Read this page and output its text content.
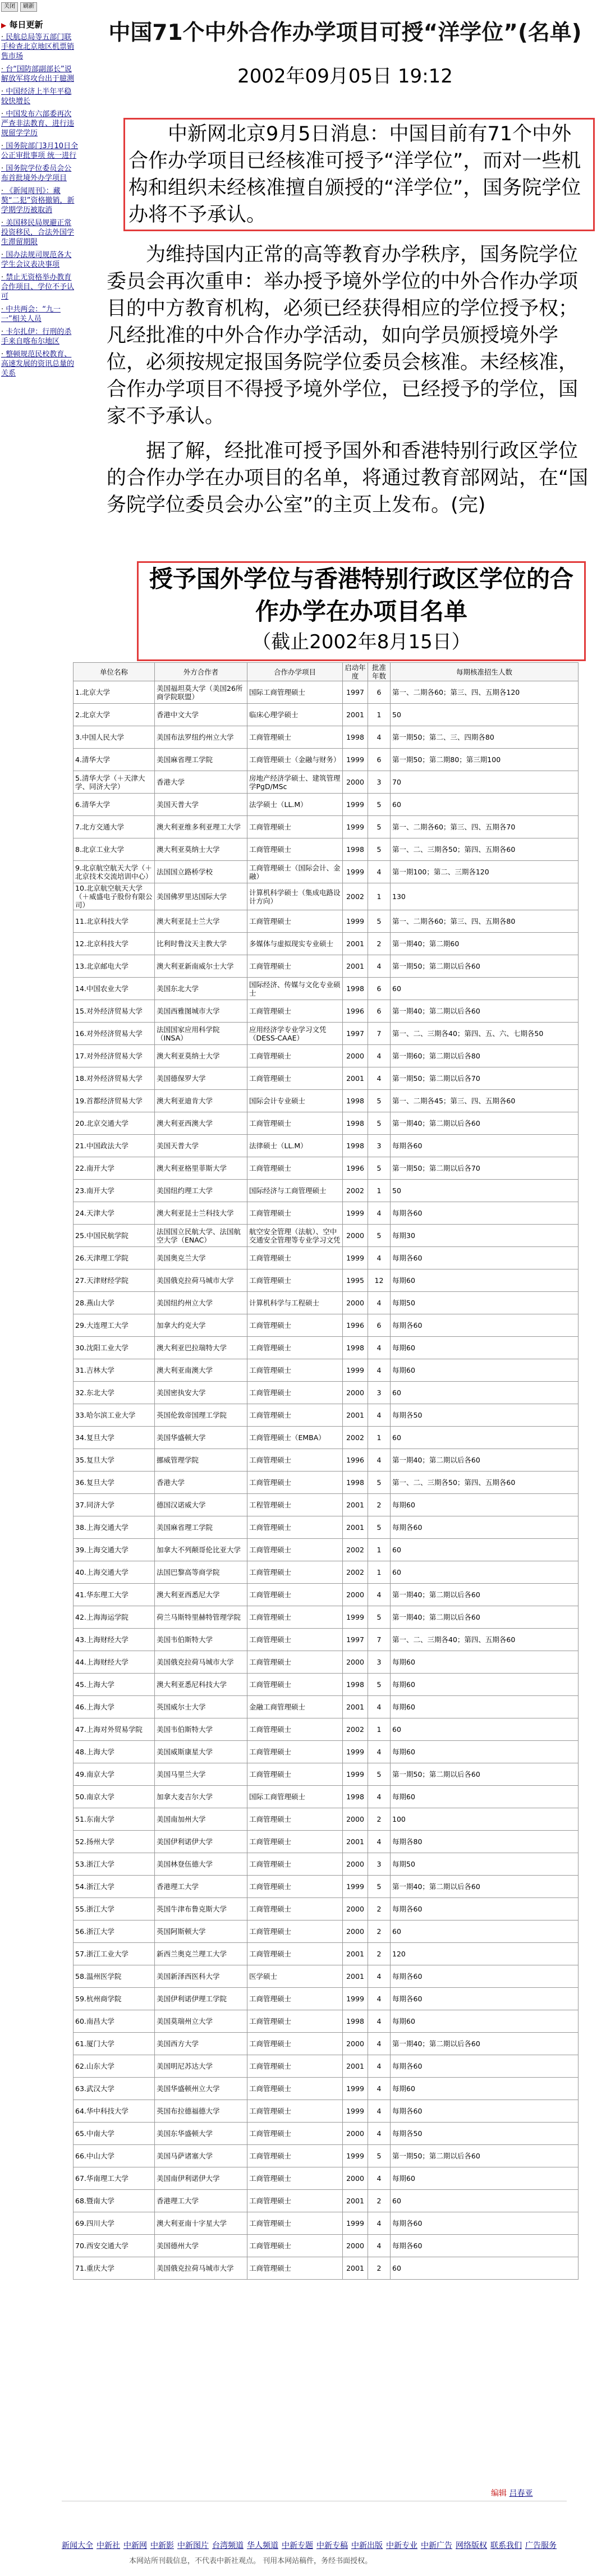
关闭	刷新
▶ 每日更新
· 民航总局等五部门联手检查北京地区机票销售市场
· 台“国防部副部长”说解放军将攻台出于臆测
· 中国经济上半年平稳较快增长
· 中国发布六部委再次严查非法教育、进行违规留学学历
· 国务院部门3月10日全公正审批事项 统一进行
· 国务院学位委员会公布首批境外办学项目
· 《新闻周刊》：藏獒“二犯”资格撤销，新学期学历被取消
· 美国移民局规避正常投资移民，合法外国学生滞留期限
· 国办法规司规范各大学生会议表决事项
· 禁止无资格举办教育合作项目、学位不予认可
· 中共两会：“九一一”相关人员
· 卡尔扎伊：行刑的杀手来自喀布尔地区
· 整顿规范民校教育、高速发展的资讯总量的关系
中国71个中外合作办学项目可授“洋学位”(名单)
2002年09月05日 19:12
中新网北京9月5日消息：中国目前有71个中外合作办学项目已经核准可授予“洋学位”，而对一些机构和组织未经核准擅自颁授的“洋学位”，国务院学位办将不予承认。
为维持国内正常的高等教育办学秩序，国务院学位委员会再次重申：举办授予境外学位的中外合作办学项目的中方教育机构，必须已经获得相应的学位授予权；凡经批准的中外合作办学活动，如向学员颁授境外学位，必须按规定报国务院学位委员会核准。未经核准，合作办学项目不得授予境外学位，已经授予的学位，国家不予承认。
据了解，经批准可授予国外和香港特别行政区学位的合作办学在办项目的名单，将通过教育部网站，在“国务院学位委员会办公室”的主页上发布。(完)
授予国外学位与香港特别行政区学位的合作办学在办项目名单
（截止2002年8月15日）
单位名称	外方合作者	合作办学项目	启动年度	批准年数	每期核准招生人数
1.北京大学	美国福坦莫大学（美国26所商学院联盟）	国际工商管理硕士	1997	6	第一、二期各60；第三、四、五期各120
2.北京大学	香港中文大学	临床心理学硕士	2001	1	50
3.中国人民大学	美国布法罗纽约州立大学	工商管理硕士	1998	4	第一期50；第二、三、四期各80
4.清华大学	美国麻省理工学院	工商管理硕士（金融与财务）	1999	6	第一期50；第二期80；第三期100
5.清华大学（＋天津大学、同济大学）	香港大学	房地产经济学硕士、建筑管理学PgD/MSc	2000	3	70
6.清华大学	美国天普大学	法学硕士（LL.M）	1999	5	60
7.北方交通大学	澳大利亚维多利亚理工大学	工商管理硕士	1999	5	第一、二期各60；第三、四、五期各70
8.北京工业大学	澳大利亚莫纳士大学	工商管理硕士	1998	5	第一、二、三期各50；第四、五期各60
9.北京航空航天大学（＋北京技术交流培训中心）	法国国立路桥学校	工商管理硕士（国际会计、金融）	1999	4	第一期100；第二、三期各120
10.北京航空航天大学（＋威盛电子股份有限公司）	美国佛罗里达国际大学	计算机科学硕士（集成电路设计方向）	2002	1	130
11.北京科技大学	澳大利亚昆士兰大学	工商管理硕士	1999	5	第一、二期各60；第三、四、五期各80
12.北京科技大学	比利时鲁汶天主教大学	多媒体与虚拟现实专业硕士	2001	2	第一期40；第二期60
13.北京邮电大学	澳大利亚新南威尔士大学	工商管理硕士	2001	4	第一期50；第二期以后各60
14.中国农业大学	美国东北大学	国际经济、传媒与文化专业硕士	1998	6	60
15.对外经济贸易大学	美国西雅图城市大学	工商管理硕士	1996	6	第一期40；第二期以后各60
16.对外经济贸易大学	法国国家应用科学院（INSA）	应用经济学专业学习文凭（DESS-CAAE）	1997	7	第一、二、三期各40；第四、五、六、七期各50
17.对外经济贸易大学	澳大利亚莫纳士大学	工商管理硕士	2000	4	第一期60；第二期以后各80
18.对外经济贸易大学	美国德保罗大学	工商管理硕士	2001	4	第一期50；第二期以后各70
19.首都经济贸易大学	澳大利亚迪肯大学	国际会计专业硕士	1998	5	第一、二期各45；第三、四、五期各60
20.北京交通大学	澳大利亚西澳大学	工商管理硕士	1998	5	第一期40；第二期以后各60
21.中国政法大学	美国天普大学	法律硕士（LL.M）	1998	3	每期各60
22.南开大学	澳大利亚格里菲斯大学	工商管理硕士	1996	5	第一期50；第二期以后各70
23.南开大学	美国纽约理工大学	国际经济与工商管理硕士	2002	1	50
24.天津大学	澳大利亚昆士兰科技大学	工商管理硕士	1999	4	每期各60
25.中国民航学院	法国国立民航大学、法国航空大学（ENAC）	航空安全管理（法航）、空中交通安全管理等专业学习文凭	2000	5	每期30
26.天津理工学院	美国奥克兰大学	工商管理硕士	1999	4	每期各60
27.天津财经学院	美国俄克拉荷马城市大学	工商管理硕士	1995	12	每期60
28.燕山大学	美国纽约州立大学	计算机科学与工程硕士	2000	4	每期50
29.大连理工大学	加拿大约克大学	工商管理硕士	1996	6	每期各60
30.沈阳工业大学	澳大利亚巴拉瑞特大学	工商管理硕士	1998	4	每期60
31.吉林大学	澳大利亚南澳大学	工商管理硕士	1999	4	每期60
32.东北大学	美国密执安大学	工商管理硕士	2000	3	60
33.哈尔滨工业大学	英国伦敦帝国理工学院	工商管理硕士	2001	4	每期各50
34.复旦大学	美国华盛顿大学	工商管理硕士（EMBA）	2002	1	60
35.复旦大学	挪威管理学院	工商管理硕士	1996	4	第一期40；第二期以后各60
36.复旦大学	香港大学	工商管理硕士	1998	5	第一、二、三期各50；第四、五期各60
37.同济大学	德国汉诺威大学	工程管理硕士	2001	2	每期60
38.上海交通大学	美国麻省理工学院	工商管理硕士	2001	5	每期各60
39.上海交通大学	加拿大不列颠哥伦比亚大学	工商管理硕士	2002	1	60
40.上海交通大学	法国巴黎高等商学院	工商管理硕士	2002	1	60
41.华东理工大学	澳大利亚西悉尼大学	工商管理硕士	2000	4	第一期40；第二期以后各60
42.上海海运学院	荷兰马斯特里赫特管理学院	工商管理硕士	1999	5	第一期40；第二期以后各60
43.上海财经大学	美国韦伯斯特大学	工商管理硕士	1997	7	第一、二、三期各40；第四、五期各60
44.上海财经大学	美国俄克拉荷马城市大学	工商管理硕士	2000	3	每期60
45.上海大学	澳大利亚悉尼科技大学	工商管理硕士	1998	5	每期60
46.上海大学	英国威尔士大学	金融工商管理硕士	2001	4	每期60
47.上海对外贸易学院	美国韦伯斯特大学	工商管理硕士	2002	1	60
48.上海大学	美国威斯康星大学	工商管理硕士	1999	4	每期60
49.南京大学	美国马里兰大学	工商管理硕士	1999	5	第一期50；第二期以后各60
50.南京大学	加拿大麦吉尔大学	国际工商管理硕士	1998	4	每期60
51.东南大学	美国南加州大学	工商管理硕士	2000	2	100
52.扬州大学	美国伊利诺伊大学	工商管理硕士	2001	4	每期各80
53.浙江大学	美国林登伍德大学	工商管理硕士	2000	3	每期50
54.浙江大学	香港理工大学	工商管理硕士	1999	5	第一期40；第二期以后各60
55.浙江大学	英国牛津布鲁克斯大学	工商管理硕士	2000	2	每期各60
56.浙江大学	英国阿斯顿大学	工商管理硕士	2000	2	60
57.浙江工业大学	新西兰奥克兰理工大学	工商管理硕士	2001	2	120
58.温州医学院	美国新泽西医科大学	医学硕士	2001	4	每期各60
59.杭州商学院	美国伊利诺伊理工学院	工商管理硕士	1999	4	每期各60
60.南昌大学	美国莫瑞州立大学	工商管理硕士	1998	4	每期60
61.厦门大学	美国西方大学	工商管理硕士	2000	4	第一期40；第二期以后各60
62.山东大学	美国明尼苏达大学	工商管理硕士	2001	4	每期各60
63.武汉大学	美国华盛顿州立大学	工商管理硕士	1999	4	每期60
64.华中科技大学	英国布拉德福德大学	工商管理硕士	1999	4	每期各60
65.中南大学	美国东华盛顿大学	工商管理硕士	2000	4	每期各50
66.中山大学	美国马萨诸塞大学	工商管理硕士	1999	5	第一期50；第二期以后各60
67.华南理工大学	美国南伊利诺伊大学	工商管理硕士	2000	4	每期60
68.暨南大学	香港理工大学	工商管理硕士	2001	2	60
69.四川大学	澳大利亚南十字星大学	工商管理硕士	1999	4	每期各60
70.西安交通大学	美国德州大学	工商管理硕士	2000	4	每期各60
71.重庆大学	美国俄克拉荷马城市大学	工商管理硕士	2001	2	60
编辑 吕春亚
新闻大全 中新社 中新网 中新影 中新图片 台湾频道 华人频道 中新专题 中新专稿 中新出版 中新专业 中新广告 网络版权 联系我们 广告服务
本网站所刊载信息，不代表中新社观点。 刊用本网站稿件，务经书面授权。
